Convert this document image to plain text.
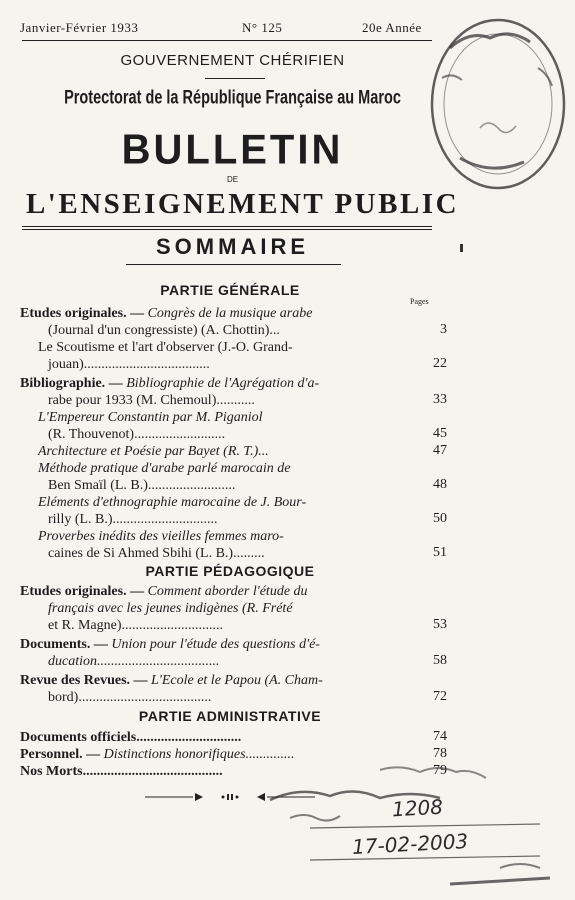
Janvier-Février 1933	N° 125	20e Année
GOUVERNEMENT CHÉRIFIEN
Protectorat de la République Française au Maroc
BULLETIN
DE
L'ENSEIGNEMENT PUBLIC
SOMMAIRE
PARTIE GÉNÉRALE
Pages
Etudes originales. — Congrès de la musique arabe
(Journal d'un congressiste) (A. Chottin)...	3
Le Scoutisme et l'art d'observer (J.-O. Grand-
jouan)....................................	22
Bibliographie. — Bibliographie de l'Agrégation d'a-
rabe pour 1933 (M. Chemoul)...........	33
L'Empereur Constantin par M. Piganiol
(R. Thouvenot)..........................	45
Architecture et Poésie par Bayet (R. T.)...	47
Méthode pratique d'arabe parlé marocain de
Ben Smaïl (L. B.).........................	48
Eléments d'ethnographie marocaine de J. Bour-
rilly (L. B.)..............................	50
Proverbes inédits des vieilles femmes maro-
caines de Si Ahmed Sbihi (L. B.).........	51
PARTIE PÉDAGOGIQUE
Etudes originales. — Comment aborder l'étude du
français avec les jeunes indigènes (R. Frété
et R. Magne).............................	53
Documents. — Union pour l'étude des questions d'é-
ducation...................................	58
Revue des Revues. — L'Ecole et le Papou (A. Cham-
bord)......................................	72
PARTIE ADMINISTRATIVE
Documents officiels..............................	74
Personnel. — Distinctions honorifiques..............	78
Nos Morts........................................	79
1208
17-02-2003
